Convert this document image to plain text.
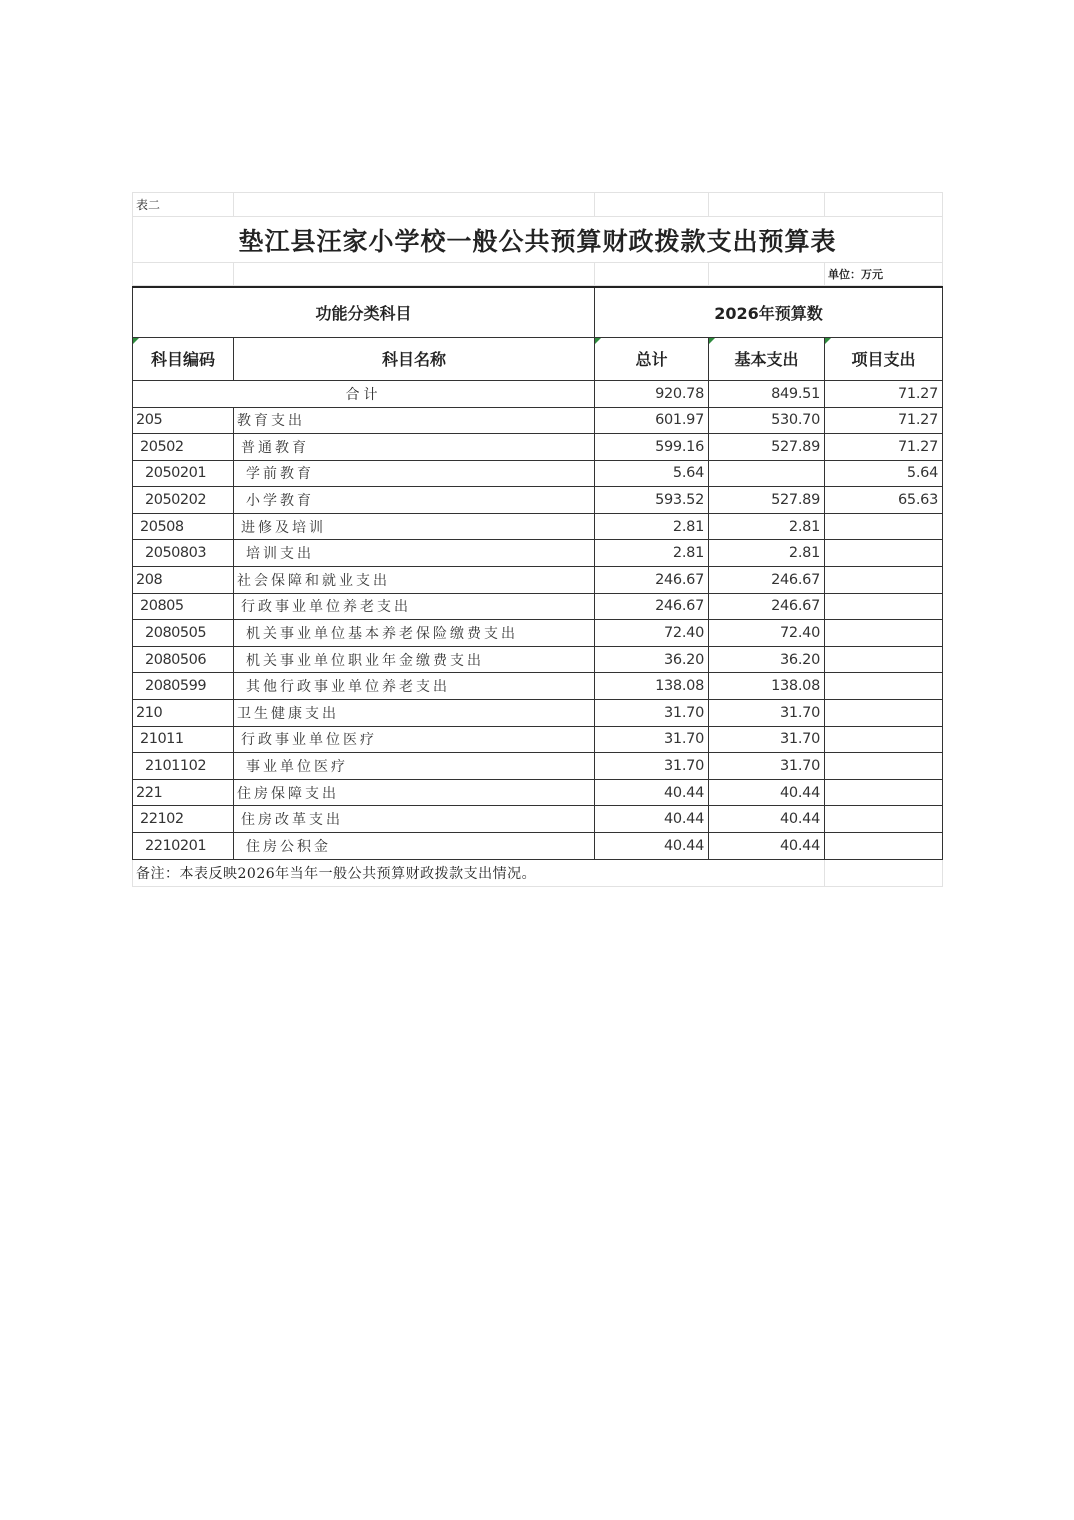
表二				
垫江县汪家小学校一般公共预算财政拨款支出预算表				
				单位：万元
功能分类科目		2026年预算数		

科目编码	科目名称	总计	基本支出	项目支出
合计		920.78	849.51	71.27
205	教育支出	601.97	530.70	71.27
20502	普通教育	599.16	527.89	71.27
2050201	学前教育	5.64		5.64
2050202	小学教育	593.52	527.89	65.63
20508	进修及培训	2.81	2.81	
2050803	培训支出	2.81	2.81	
208	社会保障和就业支出	246.67	246.67	
20805	行政事业单位养老支出	246.67	246.67	
2080505	机关事业单位基本养老保险缴费支出	72.40	72.40	
2080506	机关事业单位职业年金缴费支出	36.20	36.20	
2080599	其他行政事业单位养老支出	138.08	138.08	
210	卫生健康支出	31.70	31.70	
21011	行政事业单位医疗	31.70	31.70	
2101102	事业单位医疗	31.70	31.70	
221	住房保障支出	40.44	40.44	
22102	住房改革支出	40.44	40.44	
2210201	住房公积金	40.44	40.44	
备注：本表反映2026年当年一般公共预算财政拨款支出情况。	
